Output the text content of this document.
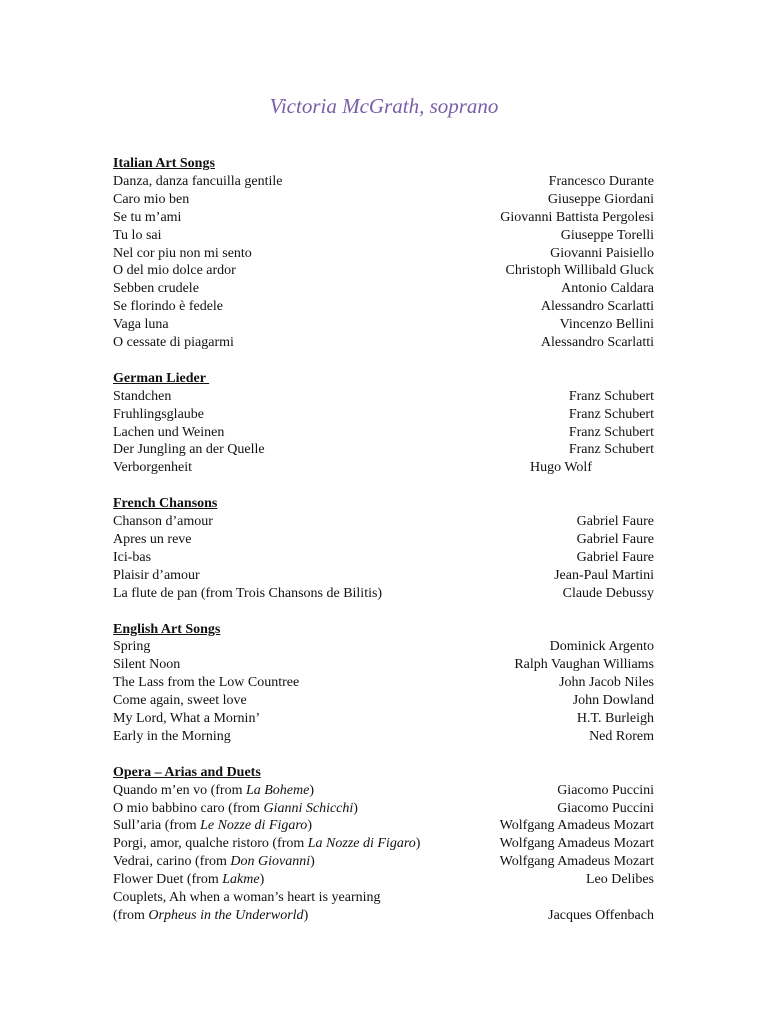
Victoria McGrath, soprano
Italian Art Songs
Danza, danza fancuilla gentile	Francesco Durante
Caro mio ben	Giuseppe Giordani
Se tu m’ami	Giovanni Battista Pergolesi
Tu lo sai	Giuseppe Torelli
Nel cor piu non mi sento	Giovanni Paisiello
O del mio dolce ardor	Christoph Willibald Gluck
Sebben crudele	Antonio Caldara
Se florindo è fedele	Alessandro Scarlatti
Vaga luna	Vincenzo Bellini
O cessate di piagarmi	Alessandro Scarlatti
German Lieder
Standchen	Franz Schubert
Fruhlingsglaube	Franz Schubert
Lachen und Weinen	Franz Schubert
Der Jungling an der Quelle	Franz Schubert
Verborgenheit	Hugo Wolf
French Chansons
Chanson d’amour	Gabriel Faure
Apres un reve	Gabriel Faure
Ici-bas	Gabriel Faure
Plaisir d’amour	Jean-Paul Martini
La flute de pan (from Trois Chansons de Bilitis)	Claude Debussy
English Art Songs
Spring	Dominick Argento
Silent Noon	Ralph Vaughan Williams
The Lass from the Low Countree	John Jacob Niles
Come again, sweet love	John Dowland
My Lord, What a Mornin’	H.T. Burleigh
Early in the Morning	Ned Rorem
Opera – Arias and Duets
Quando m’en vo (from La Boheme)	Giacomo Puccini
O mio babbino caro (from Gianni Schicchi)	Giacomo Puccini
Sull’aria (from Le Nozze di Figaro)	Wolfgang Amadeus Mozart
Porgi, amor, qualche ristoro (from La Nozze di Figaro)	Wolfgang Amadeus Mozart
Vedrai, carino (from Don Giovanni)	Wolfgang Amadeus Mozart
Flower Duet (from Lakme)	Leo Delibes
Couplets, Ah when a woman’s heart is yearning
(from Orpheus in the Underworld)	Jacques Offenbach
